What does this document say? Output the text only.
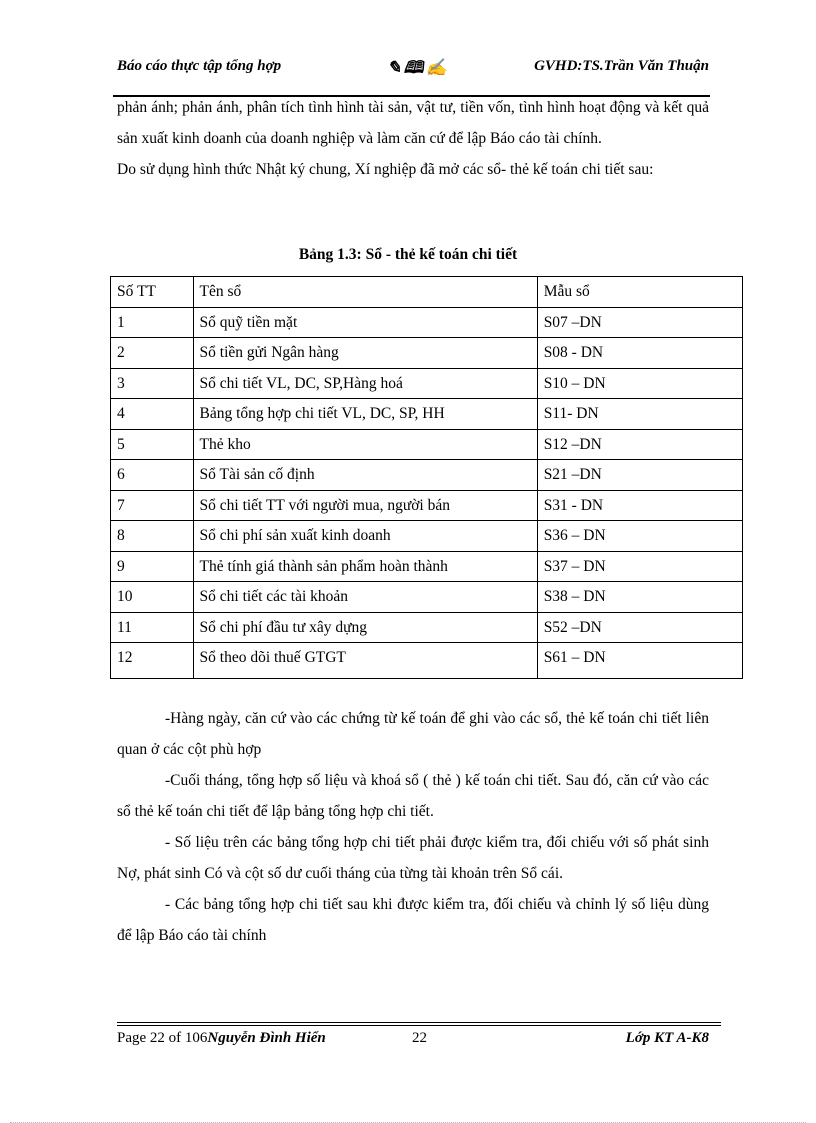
Báo cáo thực tập tổng hợp	✎ 🕮 ✍	GVHD:TS.Trần Văn Thuận

phản ánh; phản ánh, phân tích tình hình tài sản, vật tư, tiền vốn, tình hình hoạt động và kết quả sản xuất kinh doanh của doanh nghiệp và làm căn cứ để lập Báo cáo tài chính.

Do sử dụng hình thức Nhật ký chung, Xí nghiệp đã mở các sổ- thẻ kế toán chi tiết sau:

Bảng 1.3: Sổ - thẻ kế toán chi tiết
Số TT	Tên sổ	Mẫu sổ
1	Sổ quỹ tiền mặt	S07 –DN
2	Sổ tiền gửi Ngân hàng	S08 - DN
3	Sổ chi tiết VL, DC, SP,Hàng hoá	S10 – DN
4	Bảng tổng hợp chi tiết VL, DC, SP, HH	S11- DN
5	Thẻ kho	S12 –DN
6	Sổ Tài sản cố định	S21 –DN
7	Sổ chi tiết TT với người mua, người bán	S31 - DN
8	Sổ chi phí sản xuất kinh doanh	S36 – DN
9	Thẻ tính giá thành sản phẩm hoàn thành	S37 – DN
10	Sổ chi tiết các tài khoản	S38 – DN
11	Sổ chi phí đầu tư xây dựng	S52 –DN
12	Sổ theo dõi thuế GTGT	S61 – DN

-Hàng ngày, căn cứ vào các chứng từ kế toán để ghi vào các sổ, thẻ kế toán chi tiết liên quan ở các cột phù hợp

-Cuối tháng, tổng hợp số liệu và khoá sổ ( thẻ ) kế toán chi tiết. Sau đó, căn cứ vào các sổ thẻ kế toán chi tiết để lập bảng tổng hợp chi tiết.

- Số liệu trên các bảng tổng hợp chi tiết phải được kiểm tra, đối chiếu với số phát sinh Nợ, phát sinh Có và cột số dư cuối tháng của từng tài khoản trên Sổ cái.

- Các bảng tổng hợp chi tiết sau khi được kiểm tra, đối chiếu và chỉnh lý số liệu dùng để lập Báo cáo tài chính

Page 22 of 106Nguyễn Đình Hiển	22	Lớp KT A-K8
